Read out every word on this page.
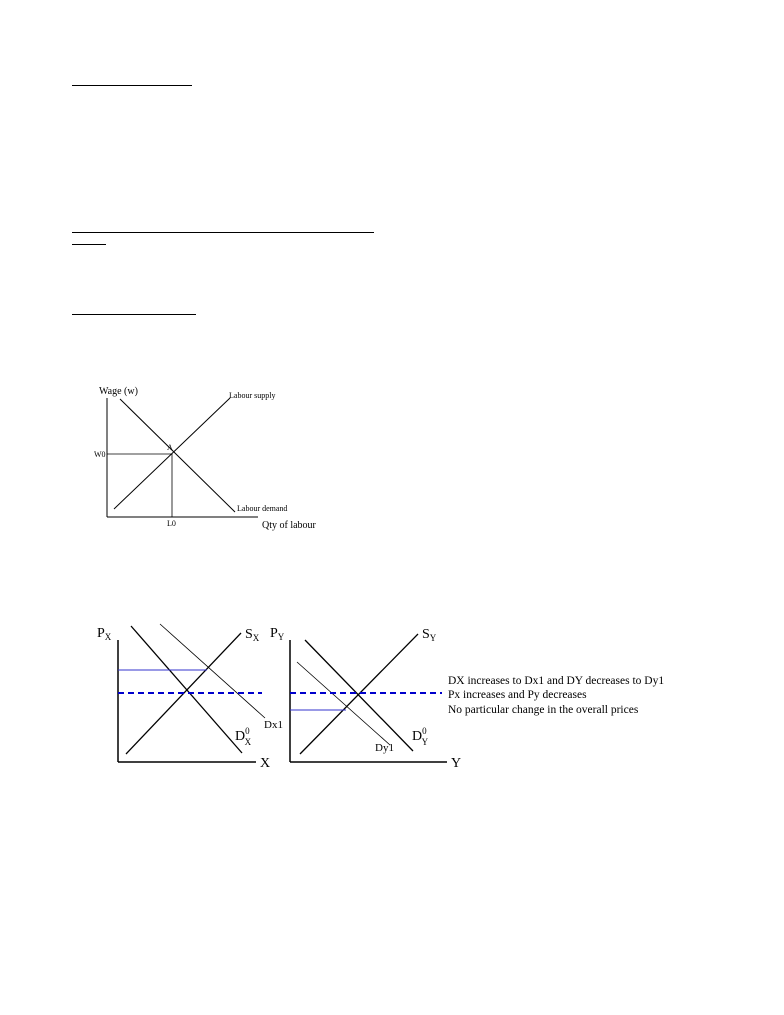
Wage (w)	Labour supply
A
W0
Labour demand
L0	Qty of labour
$P_X$	$S_X$
Dx1
$D^0$ X
X
$P_Y$	$S_Y$
$D^0$ Y
Dy1
Y
DX increases to Dx1 and DY decreases to Dy1
Px increases and Py decreases
No particular change in the overall prices
